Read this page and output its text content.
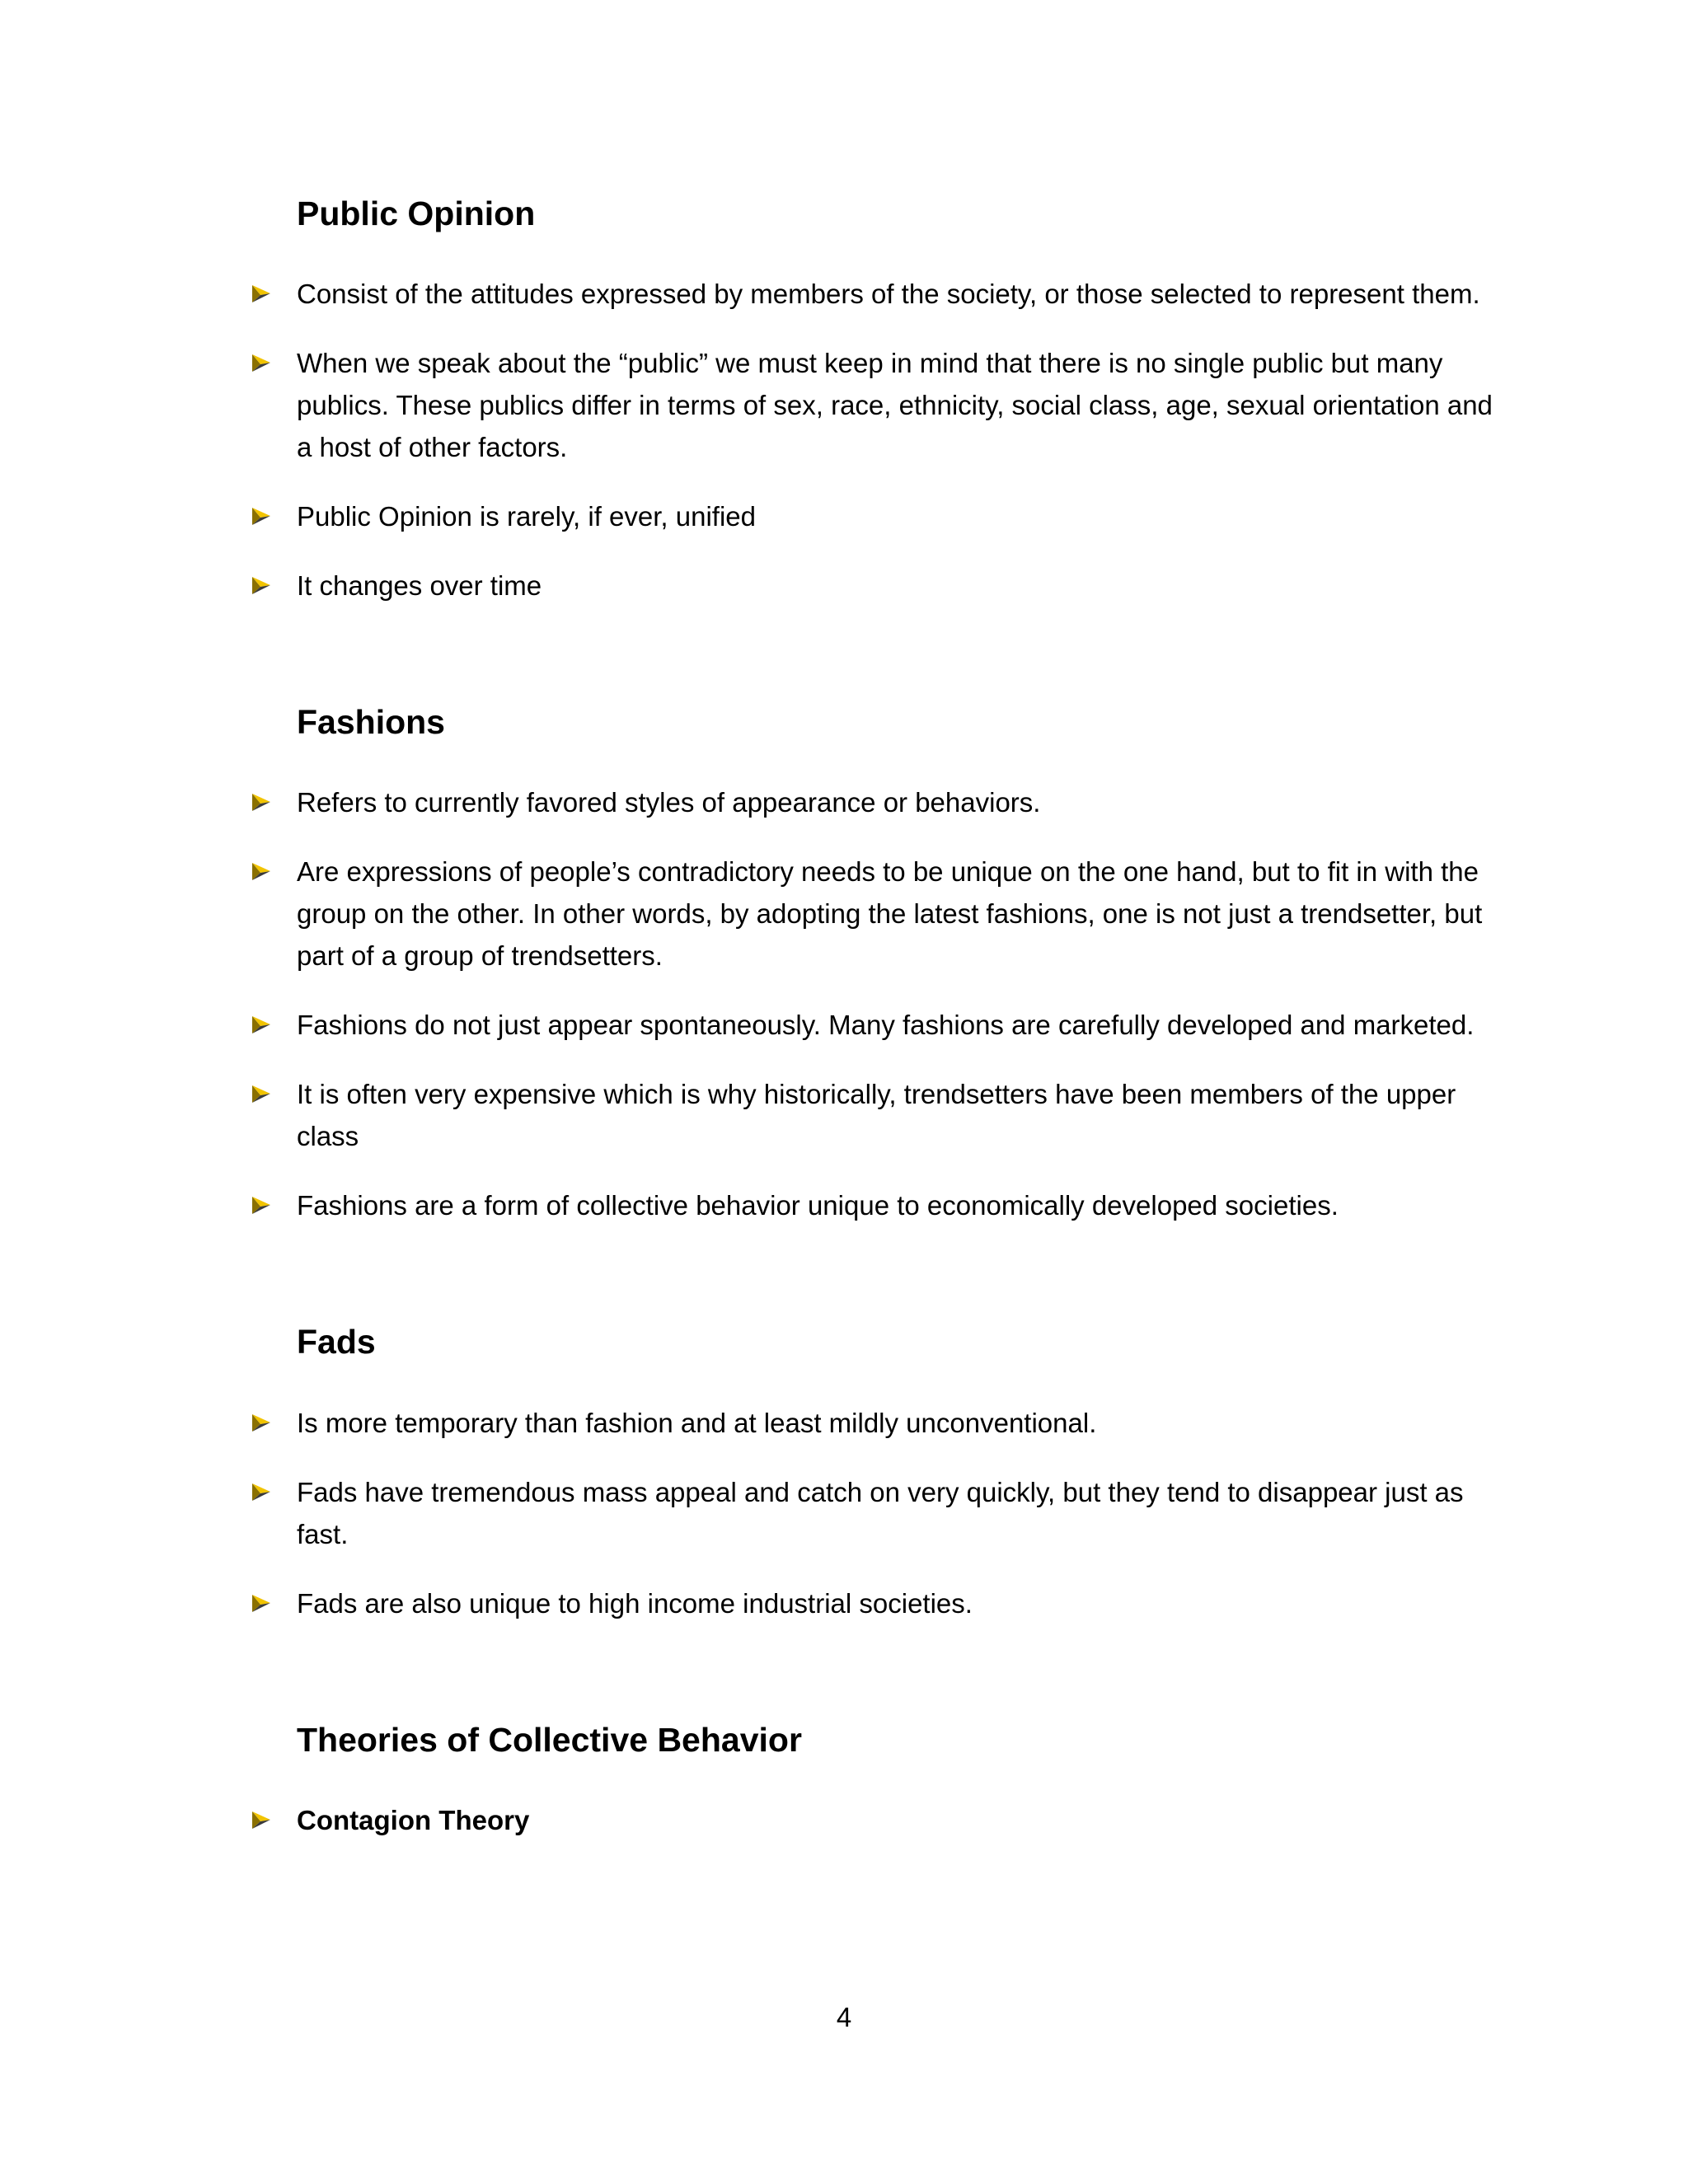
Public Opinion
Consist of the attitudes expressed by members of the society, or those selected to represent them.
When we speak about the “public” we must keep in mind that there is no single public but many publics. These publics differ in terms of sex, race, ethnicity, social class, age, sexual orientation and a host of other factors.
Public Opinion is rarely, if ever, unified
It changes over time
Fashions
Refers to currently favored styles of appearance or behaviors.
Are expressions of people’s contradictory needs to be unique on the one hand, but to fit in with the group on the other. In other words, by adopting the latest fashions, one is not just a trendsetter, but part of a group of trendsetters.
Fashions do not just appear spontaneously. Many fashions are carefully developed and marketed.
It is often very expensive which is why historically, trendsetters have been members of the upper class
Fashions are a form of collective behavior unique to economically developed societies.
Fads
Is more temporary than fashion and at least mildly unconventional.
Fads have tremendous mass appeal and catch on very quickly, but they tend to disappear just as fast.
Fads are also unique to high income industrial societies.
Theories of Collective Behavior
Contagion Theory
4
